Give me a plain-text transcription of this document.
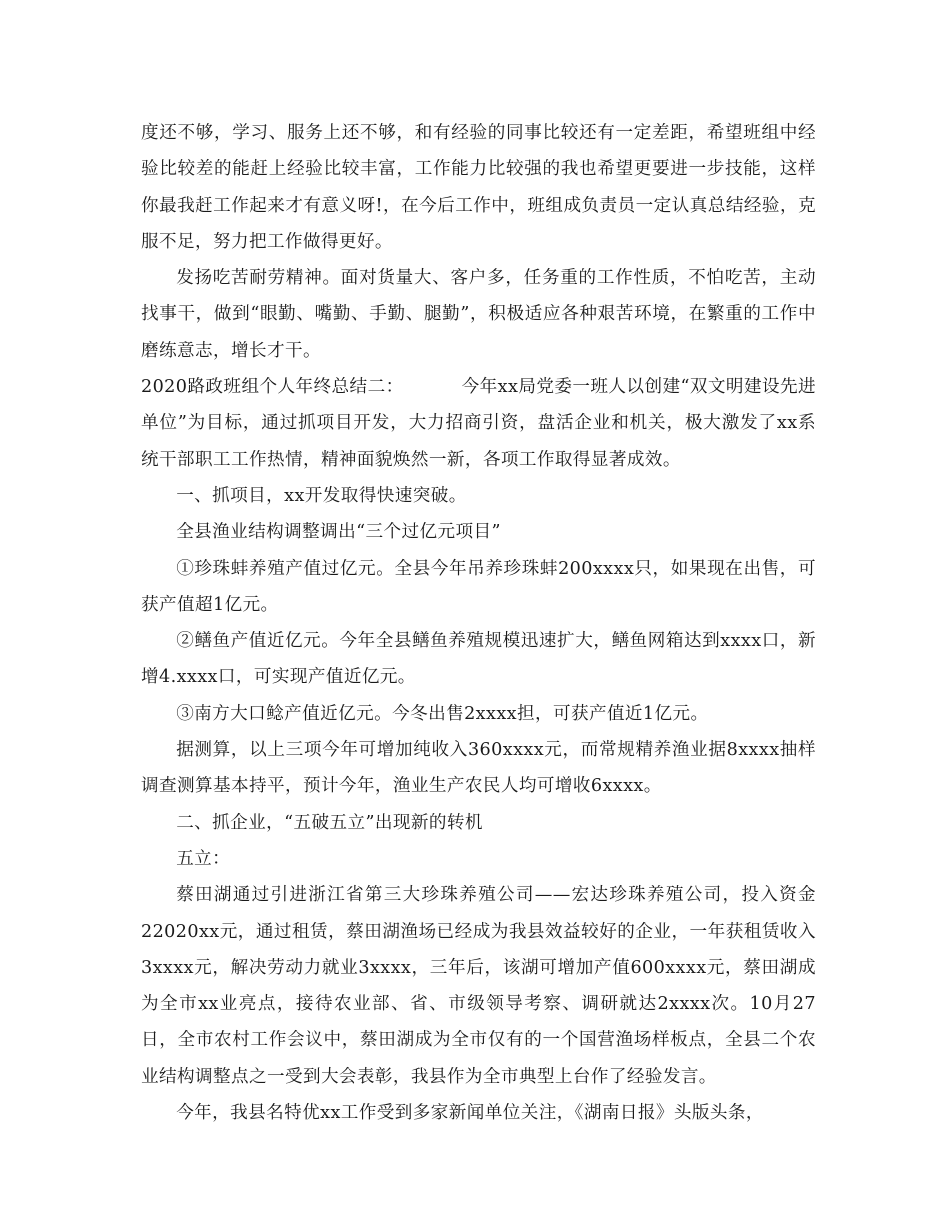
度还不够，学习、服务上还不够，和有经验的同事比较还有一定差距，希望班组中经验比较差的能赶上经验比较丰富，工作能力比较强的我也希望更要进一步技能，这样你最我赶工作起来才有意义呀!，在今后工作中，班组成负责员一定认真总结经验，克服不足，努力把工作做得更好。

发扬吃苦耐劳精神。面对货量大、客户多，任务重的工作性质，不怕吃苦，主动找事干，做到“眼勤、嘴勤、手勤、腿勤”，积极适应各种艰苦环境，在繁重的工作中磨练意志，增长才干。

2020路政班组个人年终总结二：	今年xx局党委一班人以创建“双文明建设先进单位”为目标，通过抓项目开发，大力招商引资，盘活企业和机关，极大激发了xx系统干部职工工作热情，精神面貌焕然一新，各项工作取得显著成效。

一、抓项目，xx开发取得快速突破。

全县渔业结构调整调出“三个过亿元项目”

①珍珠蚌养殖产值过亿元。全县今年吊养珍珠蚌200xxxx只，如果现在出售，可获产值超1亿元。

②鳝鱼产值近亿元。今年全县鳝鱼养殖规模迅速扩大，鳝鱼网箱达到xxxx口，新增4.xxxx口，可实现产值近亿元。

③南方大口鲶产值近亿元。今冬出售2xxxx担，可获产值近1亿元。

据测算，以上三项今年可增加纯收入360xxxx元，而常规精养渔业据8xxxx抽样调查测算基本持平，预计今年，渔业生产农民人均可增收6xxxx。

二、抓企业，“五破五立”出现新的转机

五立：

蔡田湖通过引进浙江省第三大珍珠养殖公司——宏达珍珠养殖公司，投入资金22020xx元，通过租赁，蔡田湖渔场已经成为我县效益较好的企业，一年获租赁收入3xxxx元，解决劳动力就业3xxxx，三年后，该湖可增加产值600xxxx元，蔡田湖成为全市xx业亮点，接待农业部、省、市级领导考察、调研就达2xxxx次。10月27日，全市农村工作会议中，蔡田湖成为全市仅有的一个国营渔场样板点，全县二个农业结构调整点之一受到大会表彰，我县作为全市典型上台作了经验发言。

今年，我县名特优xx工作受到多家新闻单位关注，《湖南日报》头版头条，
